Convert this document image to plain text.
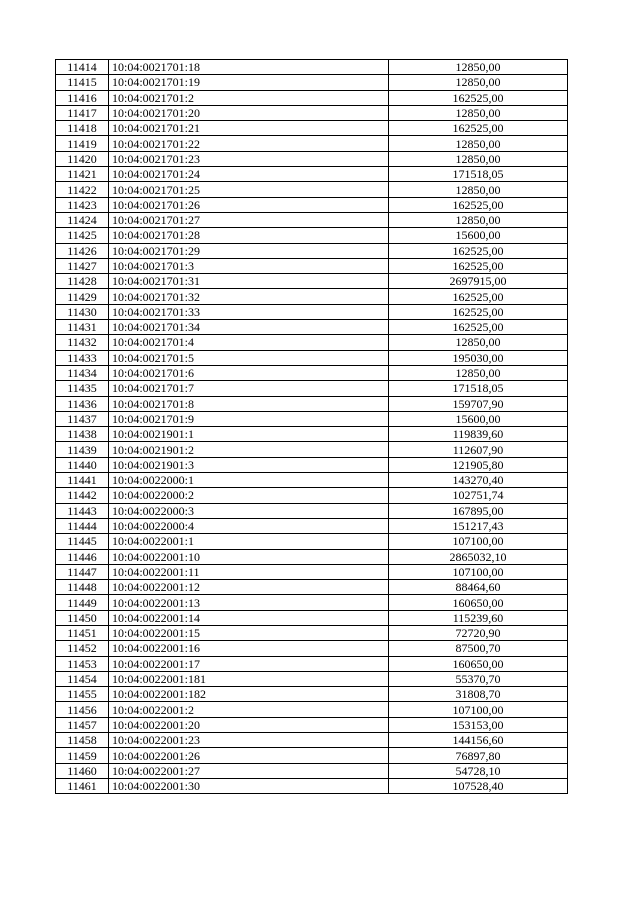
11414	10:04:0021701:18	12850,00
11415	10:04:0021701:19	12850,00
11416	10:04:0021701:2	162525,00
11417	10:04:0021701:20	12850,00
11418	10:04:0021701:21	162525,00
11419	10:04:0021701:22	12850,00
11420	10:04:0021701:23	12850,00
11421	10:04:0021701:24	171518,05
11422	10:04:0021701:25	12850,00
11423	10:04:0021701:26	162525,00
11424	10:04:0021701:27	12850,00
11425	10:04:0021701:28	15600,00
11426	10:04:0021701:29	162525,00
11427	10:04:0021701:3	162525,00
11428	10:04:0021701:31	2697915,00
11429	10:04:0021701:32	162525,00
11430	10:04:0021701:33	162525,00
11431	10:04:0021701:34	162525,00
11432	10:04:0021701:4	12850,00
11433	10:04:0021701:5	195030,00
11434	10:04:0021701:6	12850,00
11435	10:04:0021701:7	171518,05
11436	10:04:0021701:8	159707,90
11437	10:04:0021701:9	15600,00
11438	10:04:0021901:1	119839,60
11439	10:04:0021901:2	112607,90
11440	10:04:0021901:3	121905,80
11441	10:04:0022000:1	143270,40
11442	10:04:0022000:2	102751,74
11443	10:04:0022000:3	167895,00
11444	10:04:0022000:4	151217,43
11445	10:04:0022001:1	107100,00
11446	10:04:0022001:10	2865032,10
11447	10:04:0022001:11	107100,00
11448	10:04:0022001:12	88464,60
11449	10:04:0022001:13	160650,00
11450	10:04:0022001:14	115239,60
11451	10:04:0022001:15	72720,90
11452	10:04:0022001:16	87500,70
11453	10:04:0022001:17	160650,00
11454	10:04:0022001:181	55370,70
11455	10:04:0022001:182	31808,70
11456	10:04:0022001:2	107100,00
11457	10:04:0022001:20	153153,00
11458	10:04:0022001:23	144156,60
11459	10:04:0022001:26	76897,80
11460	10:04:0022001:27	54728,10
11461	10:04:0022001:30	107528,40
